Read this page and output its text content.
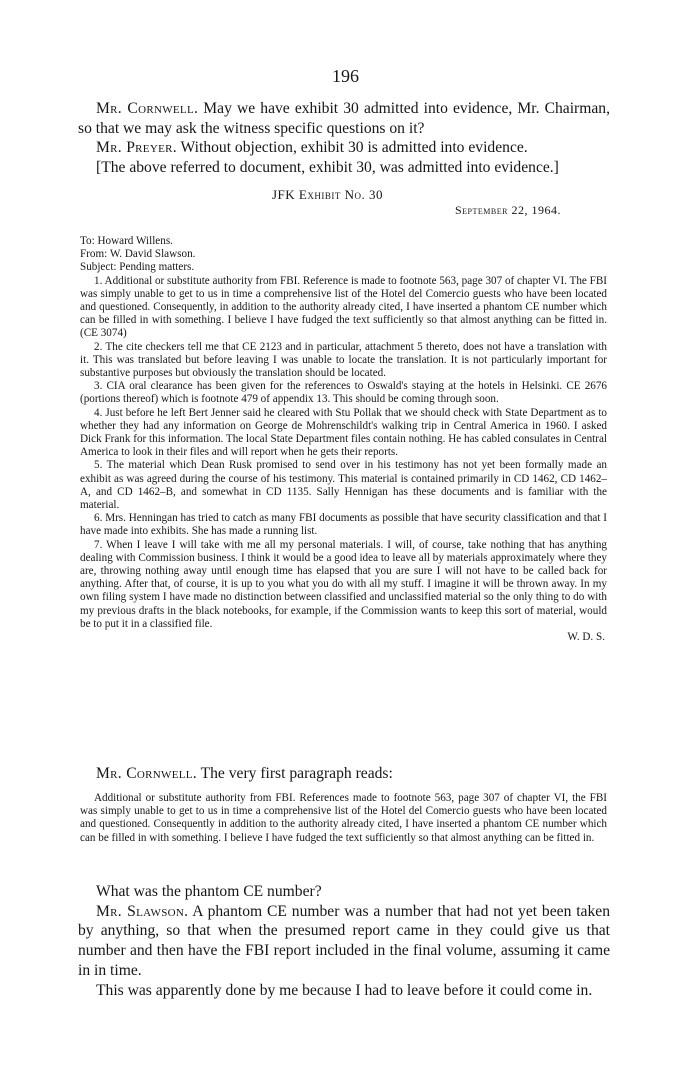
196

Mr. Cornwell. May we have exhibit 30 admitted into evidence, Mr. Chairman, so that we may ask the witness specific questions on it?

Mr. Preyer. Without objection, exhibit 30 is admitted into evidence.

[The above referred to document, exhibit 30, was admitted into evidence.]

JFK Exhibit No. 30
September 22, 1964.

To: Howard Willens.

From: W. David Slawson.

Subject: Pending matters.

1. Additional or substitute authority from FBI. Reference is made to footnote 563, page 307 of chapter VI. The FBI was simply unable to get to us in time a comprehensive list of the Hotel del Comercio guests who have been located and questioned. Consequently, in addition to the authority already cited, I have inserted a phantom CE number which can be filled in with something. I believe I have fudged the text sufficiently so that almost anything can be fitted in. (CE 3074)

2. The cite checkers tell me that CE 2123 and in particular, attachment 5 thereto, does not have a translation with it. This was translated but before leaving I was unable to locate the translation. It is not particularly important for substantive purposes but obviously the translation should be located.

3. CIA oral clearance has been given for the references to Oswald's staying at the hotels in Helsinki. CE 2676 (portions thereof) which is footnote 479 of appendix 13. This should be coming through soon.

4. Just before he left Bert Jenner said he cleared with Stu Pollak that we should check with State Department as to whether they had any information on George de Mohrenschildt's walking trip in Central America in 1960. I asked Dick Frank for this information. The local State Department files contain nothing. He has cabled consulates in Central America to look in their files and will report when he gets their reports.

5. The material which Dean Rusk promised to send over in his testimony has not yet been formally made an exhibit as was agreed during the course of his testimony. This material is contained primarily in CD 1462, CD 1462–A, and CD 1462–B, and somewhat in CD 1135. Sally Hennigan has these documents and is familiar with the material.

6. Mrs. Henningan has tried to catch as many FBI documents as possible that have security classification and that I have made into exhibits. She has made a running list.

7. When I leave I will take with me all my personal materials. I will, of course, take nothing that has anything dealing with Commission business. I think it would be a good idea to leave all by materials approximately where they are, throwing nothing away until enough time has elapsed that you are sure I will not have to be called back for anything. After that, of course, it is up to you what you do with all my stuff. I imagine it will be thrown away. In my own filing system I have made no distinction between classified and unclassified material so the only thing to do with my previous drafts in the black notebooks, for example, if the Commission wants to keep this sort of material, would be to put it in a classified file.

W. D. S.

Mr. Cornwell. The very first paragraph reads:

Additional or substitute authority from FBI. References made to footnote 563, page 307 of chapter VI, the FBI was simply unable to get to us in time a comprehensive list of the Hotel del Comercio guests who have been located and questioned. Consequently in addition to the authority already cited, I have inserted a phantom CE number which can be filled in with something. I believe I have fudged the text sufficiently so that almost anything can be fitted in.

What was the phantom CE number?

Mr. Slawson. A phantom CE number was a number that had not yet been taken by anything, so that when the presumed report came in they could give us that number and then have the FBI report included in the final volume, assuming it came in in time.

This was apparently done by me because I had to leave before it could come in.
